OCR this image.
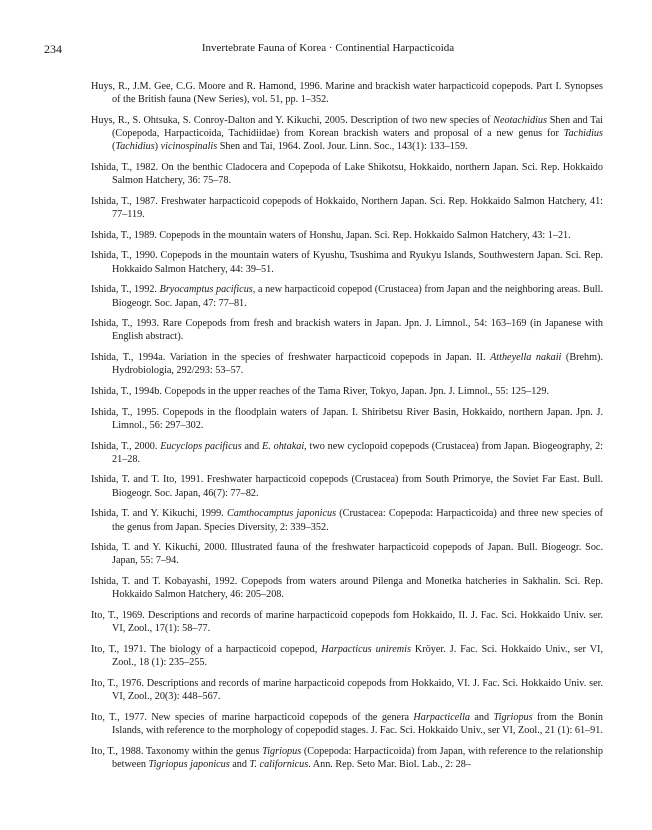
234	Invertebrate Fauna of Korea · Continential Harpacticoida

Huys, R., J.M. Gee, C.G. Moore and R. Hamond, 1996. Marine and brackish water harpacticoid copepods. Part I. Synopses of the British fauna (New Series), vol. 51, pp. 1–352.

Huys, R., S. Ohtsuka, S. Conroy-Dalton and Y. Kikuchi, 2005. Description of two new species of Neotachidius Shen and Tai (Copepoda, Harpacticoida, Tachidiidae) from Korean brackish waters and proposal of a new genus for Tachidius (Tachidius) vicinospinalis Shen and Tai, 1964. Zool. Jour. Linn. Soc., 143(1): 133–159.

Ishida, T., 1982. On the benthic Cladocera and Copepoda of Lake Shikotsu, Hokkaido, northern Japan. Sci. Rep. Hokkaido Salmon Hatchery, 36: 75–78.

Ishida, T., 1987. Freshwater harpacticoid copepods of Hokkaido, Northern Japan. Sci. Rep. Hokkaido Salmon Hatchery, 41: 77–119.

Ishida, T., 1989. Copepods in the mountain waters of Honshu, Japan. Sci. Rep. Hokkaido Salmon Hatchery, 43: 1–21.

Ishida, T., 1990. Copepods in the mountain waters of Kyushu, Tsushima and Ryukyu Islands, Southwestern Japan. Sci. Rep. Hokkaido Salmon Hatchery, 44: 39–51.

Ishida, T., 1992. Bryocamptus pacificus, a new harpacticoid copepod (Crustacea) from Japan and the neighboring areas. Bull. Biogeogr. Soc. Japan, 47: 77–81.

Ishida, T., 1993. Rare Copepods from fresh and brackish waters in Japan. Jpn. J. Limnol., 54: 163–169 (in Japanese with English abstract).

Ishida, T., 1994a. Variation in the species of freshwater harpacticoid copepods in Japan. II. Attheyella nakaii (Brehm). Hydrobiologia, 292/293: 53–57.

Ishida, T., 1994b. Copepods in the upper reaches of the Tama River, Tokyo, Japan. Jpn. J. Limnol., 55: 125–129.

Ishida, T., 1995. Copepods in the floodplain waters of Japan. I. Shiribetsu River Basin, Hokkaido, northern Japan. Jpn. J. Limnol., 56: 297–302.

Ishida, T., 2000. Eucyclops pacificus and E. ohtakai, two new cyclopoid copepods (Crustacea) from Japan. Biogeography, 2: 21–28.

Ishida, T. and T. Ito, 1991. Freshwater harpacticoid copepods (Crustacea) from South Primorye, the Soviet Far East. Bull. Biogeogr. Soc. Japan, 46(7): 77–82.

Ishida, T. and Y. Kikuchi, 1999. Camthocamptus japonicus (Crustacea: Copepoda: Harpacticoida) and three new species of the genus from Japan. Species Diversity, 2: 339–352.

Ishida, T. and Y. Kikuchi, 2000. Illustrated fauna of the freshwater harpacticoid copepods of Japan. Bull. Biogeogr. Soc. Japan, 55: 7–94.

Ishida, T. and T. Kobayashi, 1992. Copepods from waters around Pilenga and Monetka hatcheries in Sakhalin. Sci. Rep. Hokkaido Salmon Hatchery, 46: 205–208.

Ito, T., 1969. Descriptions and records of marine harpacticoid copepods fom Hokkaido, II. J. Fac. Sci. Hokkaido Univ. ser. VI, Zool., 17(1): 58–77.

Ito, T., 1971. The biology of a harpacticoid copepod, Harpacticus uniremis Kröyer. J. Fac. Sci. Hokkaido Univ., ser VI, Zool., 18 (1): 235–255.

Ito, T., 1976. Descriptions and records of marine harpacticoid copepods from Hokkaido, VI. J. Fac. Sci. Hokkaido Univ. ser. VI, Zool., 20(3): 448–567.

Ito, T., 1977. New species of marine harpacticoid copepods of the genera Harpacticella and Tigriopus from the Bonin Islands, with reference to the morphology of copepodid stages. J. Fac. Sci. Hokkaido Univ., ser VI, Zool., 21 (1): 61–91.

Ito, T., 1988. Taxonomy within the genus Tigriopus (Copepoda: Harpacticoida) from Japan, with reference to the relationship between Tigriopus japonicus and T. californicus. Ann. Rep. Seto Mar. Biol. Lab., 2: 28–
